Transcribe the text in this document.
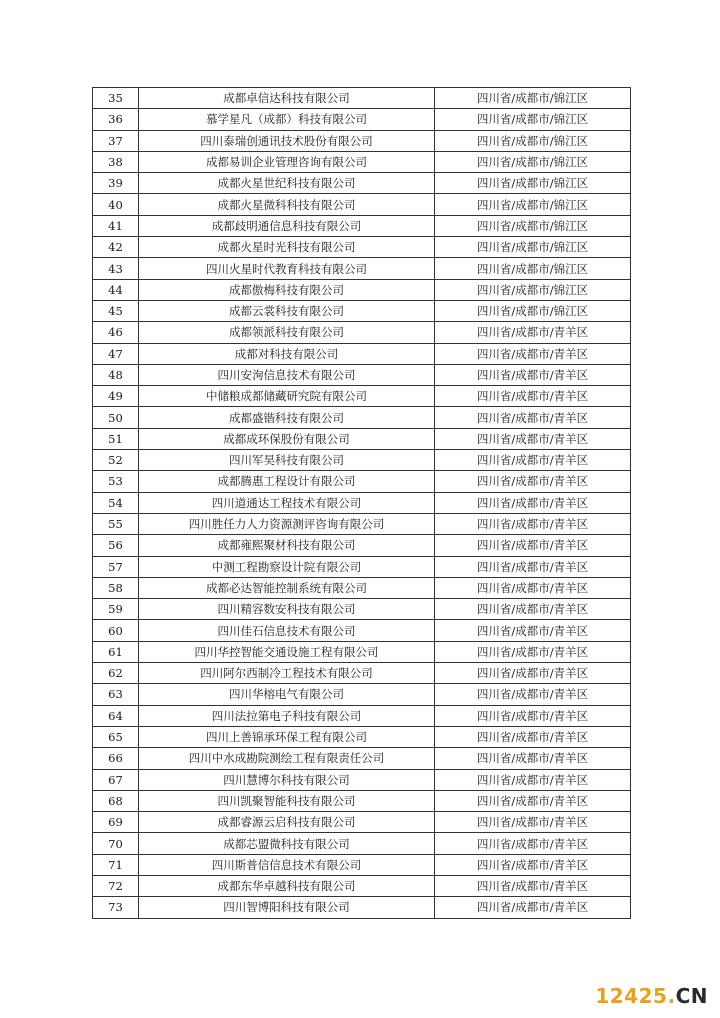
35	成都卓信达科技有限公司	四川省/成都市/锦江区
36	慕学星凡（成都）科技有限公司	四川省/成都市/锦江区
37	四川泰瑞创通讯技术股份有限公司	四川省/成都市/锦江区
38	成都易训企业管理咨询有限公司	四川省/成都市/锦江区
39	成都火星世纪科技有限公司	四川省/成都市/锦江区
40	成都火星微科科技有限公司	四川省/成都市/锦江区
41	成都歧明通信息科技有限公司	四川省/成都市/锦江区
42	成都火星时光科技有限公司	四川省/成都市/锦江区
43	四川火星时代教育科技有限公司	四川省/成都市/锦江区
44	成都傲梅科技有限公司	四川省/成都市/锦江区
45	成都云裳科技有限公司	四川省/成都市/锦江区
46	成都领派科技有限公司	四川省/成都市/青羊区
47	成都对科技有限公司	四川省/成都市/青羊区
48	四川安洵信息技术有限公司	四川省/成都市/青羊区
49	中储粮成都储藏研究院有限公司	四川省/成都市/青羊区
50	成都盛锴科技有限公司	四川省/成都市/青羊区
51	成都成环保股份有限公司	四川省/成都市/青羊区
52	四川军昊科技有限公司	四川省/成都市/青羊区
53	成都腾惠工程设计有限公司	四川省/成都市/青羊区
54	四川道通达工程技术有限公司	四川省/成都市/青羊区
55	四川胜任力人力资源测评咨询有限公司	四川省/成都市/青羊区
56	成都雍熙聚材科技有限公司	四川省/成都市/青羊区
57	中测工程勘察设计院有限公司	四川省/成都市/青羊区
58	成都必达智能控制系统有限公司	四川省/成都市/青羊区
59	四川精容数安科技有限公司	四川省/成都市/青羊区
60	四川佳石信息技术有限公司	四川省/成都市/青羊区
61	四川华控智能交通设施工程有限公司	四川省/成都市/青羊区
62	四川阿尔西制冷工程技术有限公司	四川省/成都市/青羊区
63	四川华榕电气有限公司	四川省/成都市/青羊区
64	四川法拉第电子科技有限公司	四川省/成都市/青羊区
65	四川上善锦承环保工程有限公司	四川省/成都市/青羊区
66	四川中水成勘院测绘工程有限责任公司	四川省/成都市/青羊区
67	四川慧博尔科技有限公司	四川省/成都市/青羊区
68	四川凯聚智能科技有限公司	四川省/成都市/青羊区
69	成都睿源云启科技有限公司	四川省/成都市/青羊区
70	成都芯盟微科技有限公司	四川省/成都市/青羊区
71	四川斯普信信息技术有限公司	四川省/成都市/青羊区
72	成都东华卓越科技有限公司	四川省/成都市/青羊区
73	四川智博阳科技有限公司	四川省/成都市/青羊区
12425.CN
